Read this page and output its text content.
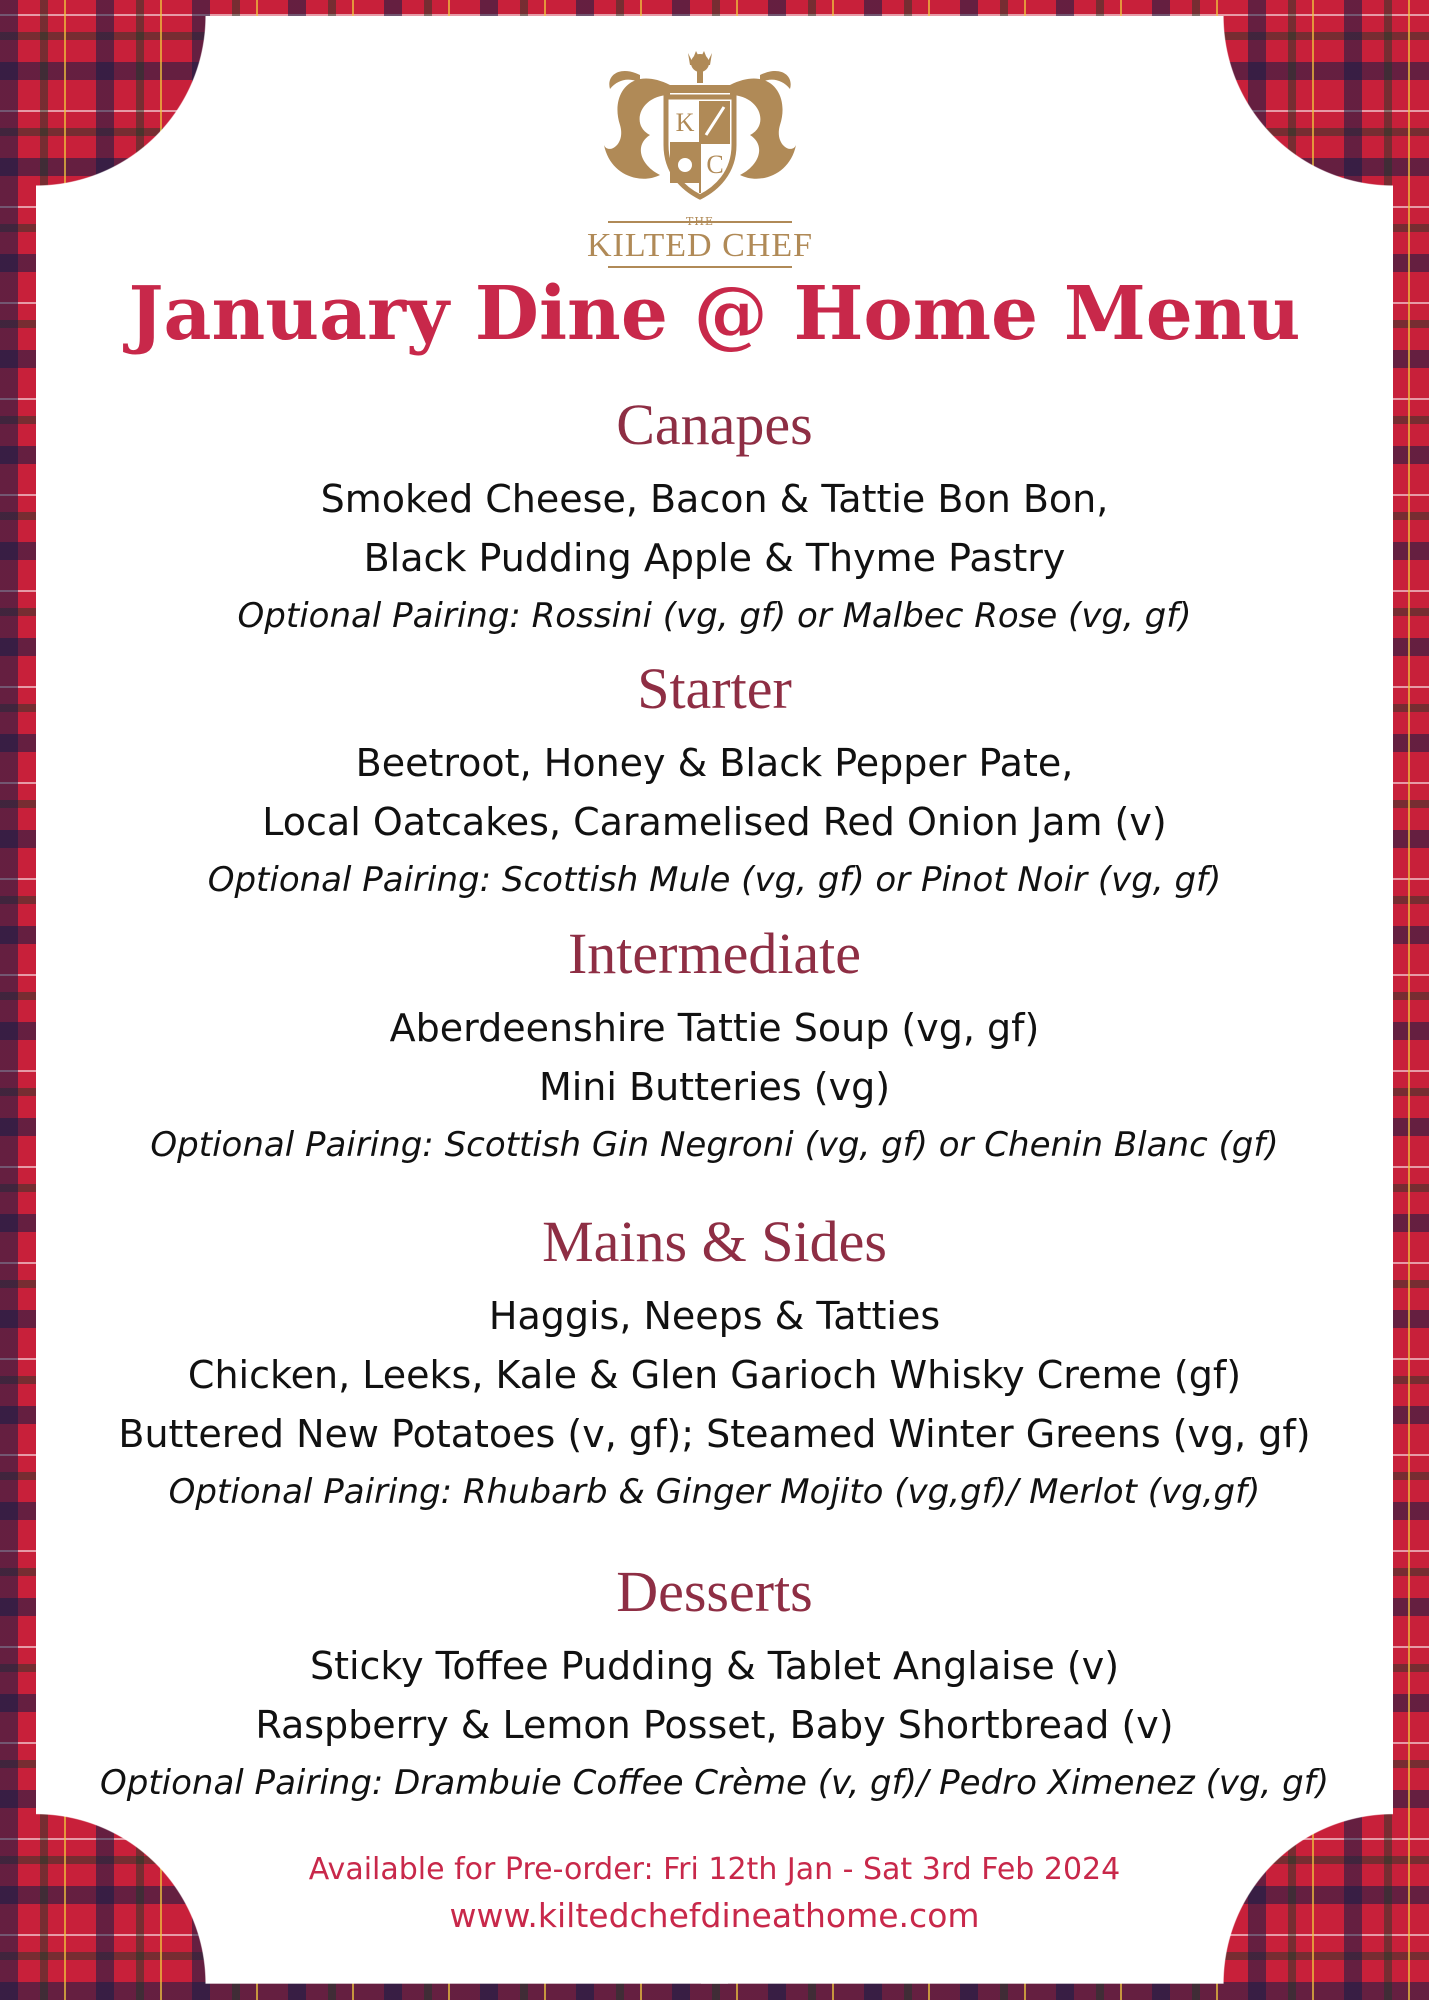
K
C
THE
KILTED CHEF
January Dine @ Home Menu
Canapes

Smoked Cheese, Bacon & Tattie Bon Bon,

Black Pudding Apple & Thyme Pastry

Optional Pairing: Rossini (vg, gf) or Malbec Rose (vg, gf)

Starter

Beetroot, Honey & Black Pepper Pate,

Local Oatcakes, Caramelised Red Onion Jam (v)

Optional Pairing: Scottish Mule (vg, gf) or Pinot Noir (vg, gf)

Intermediate

Aberdeenshire Tattie Soup (vg, gf)

Mini Butteries (vg)

Optional Pairing: Scottish Gin Negroni (vg, gf) or Chenin Blanc (gf)

Mains & Sides

Haggis, Neeps & Tatties

Chicken, Leeks, Kale & Glen Garioch Whisky Creme (gf)

Buttered New Potatoes (v, gf); Steamed Winter Greens (vg, gf)

Optional Pairing: Rhubarb & Ginger Mojito (vg,gf)/ Merlot (vg,gf)

Desserts

Sticky Toffee Pudding & Tablet Anglaise (v)

Raspberry & Lemon Posset, Baby Shortbread (v)

Optional Pairing: Drambuie Coffee Crème (v, gf)/ Pedro Ximenez (vg, gf)

Available for Pre-order: Fri 12th Jan - Sat 3rd Feb 2024
www.kiltedchefdineathome.com
